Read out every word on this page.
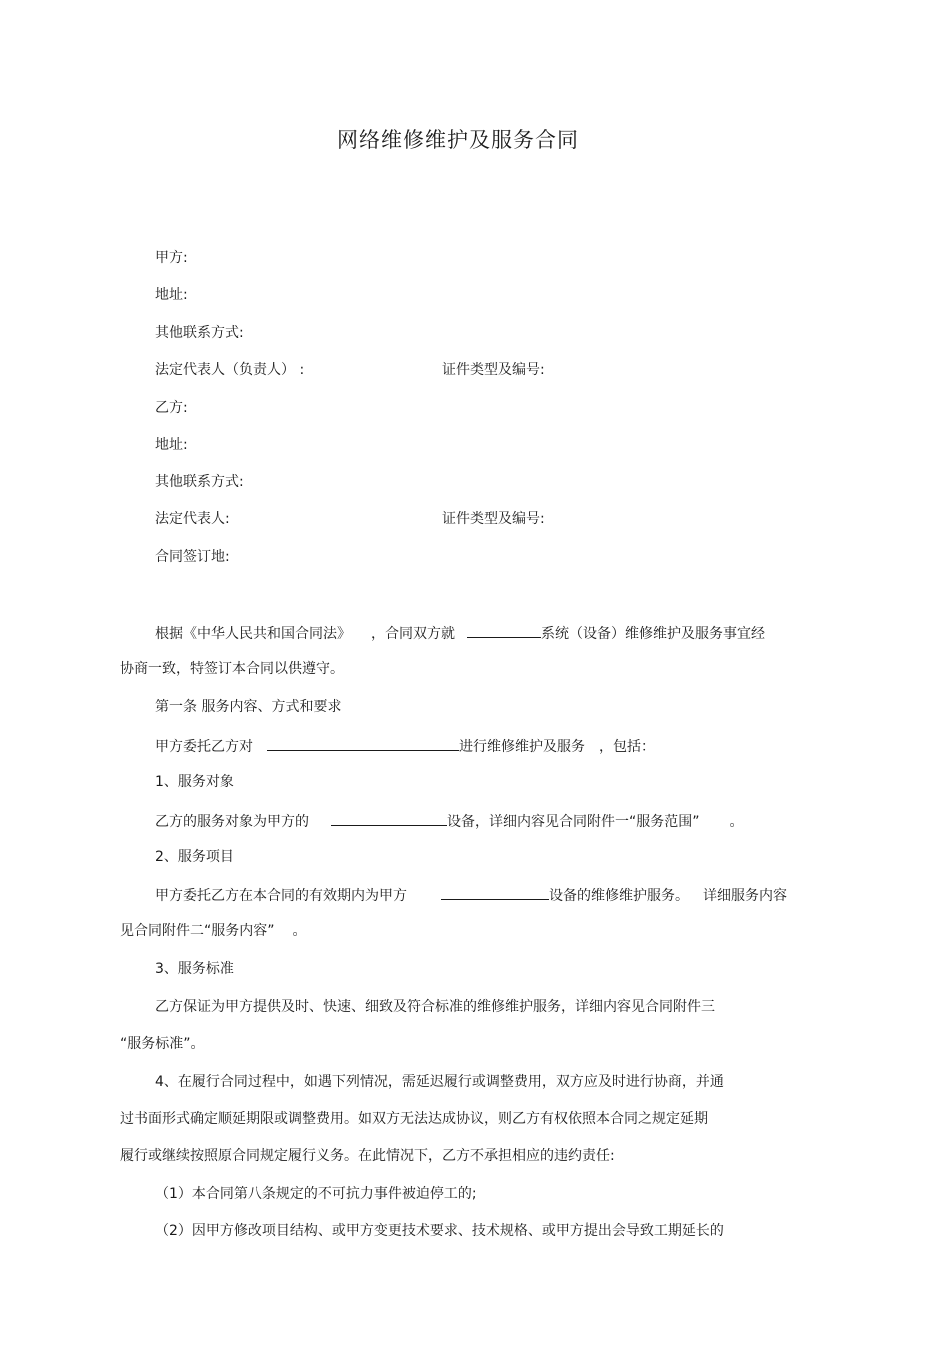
网络维修维护及服务合同
甲方:
地址:
其他联系方式:
法定代表人（负责人） :	证件类型及编号:
乙方:
地址:
其他联系方式:
法定代表人:	证件类型及编号:
合同签订地:
根据《中华人民共和国合同法》 ，合同双方就	系统（设备）维修维护及服务事宜经
协商一致，特签订本合同以供遵守。
第一条 服务内容、方式和要求
甲方委托乙方对	进行维修维护及服务 ，包括：
1、服务对象
乙方的服务对象为甲方的	设备，详细内容见合同附件一“服务范围” 。
2、服务项目
甲方委托乙方在本合同的有效期内为甲方	设备的维修维护服务。 详细服务内容
见合同附件二“服务内容” 。
3、服务标准
乙方保证为甲方提供及时、快速、细致及符合标准的维修维护服务，详细内容见合同附件三
“服务标准”。
4、在履行合同过程中，如遇下列情况，需延迟履行或调整费用，双方应及时进行协商，并通
过书面形式确定顺延期限或调整费用。如双方无法达成协议，则乙方有权依照本合同之规定延期
履行或继续按照原合同规定履行义务。在此情况下，乙方不承担相应的违约责任:
（1）本合同第八条规定的不可抗力事件被迫停工的;
（2）因甲方修改项目结构、或甲方变更技术要求、技术规格、或甲方提出会导致工期延长的
